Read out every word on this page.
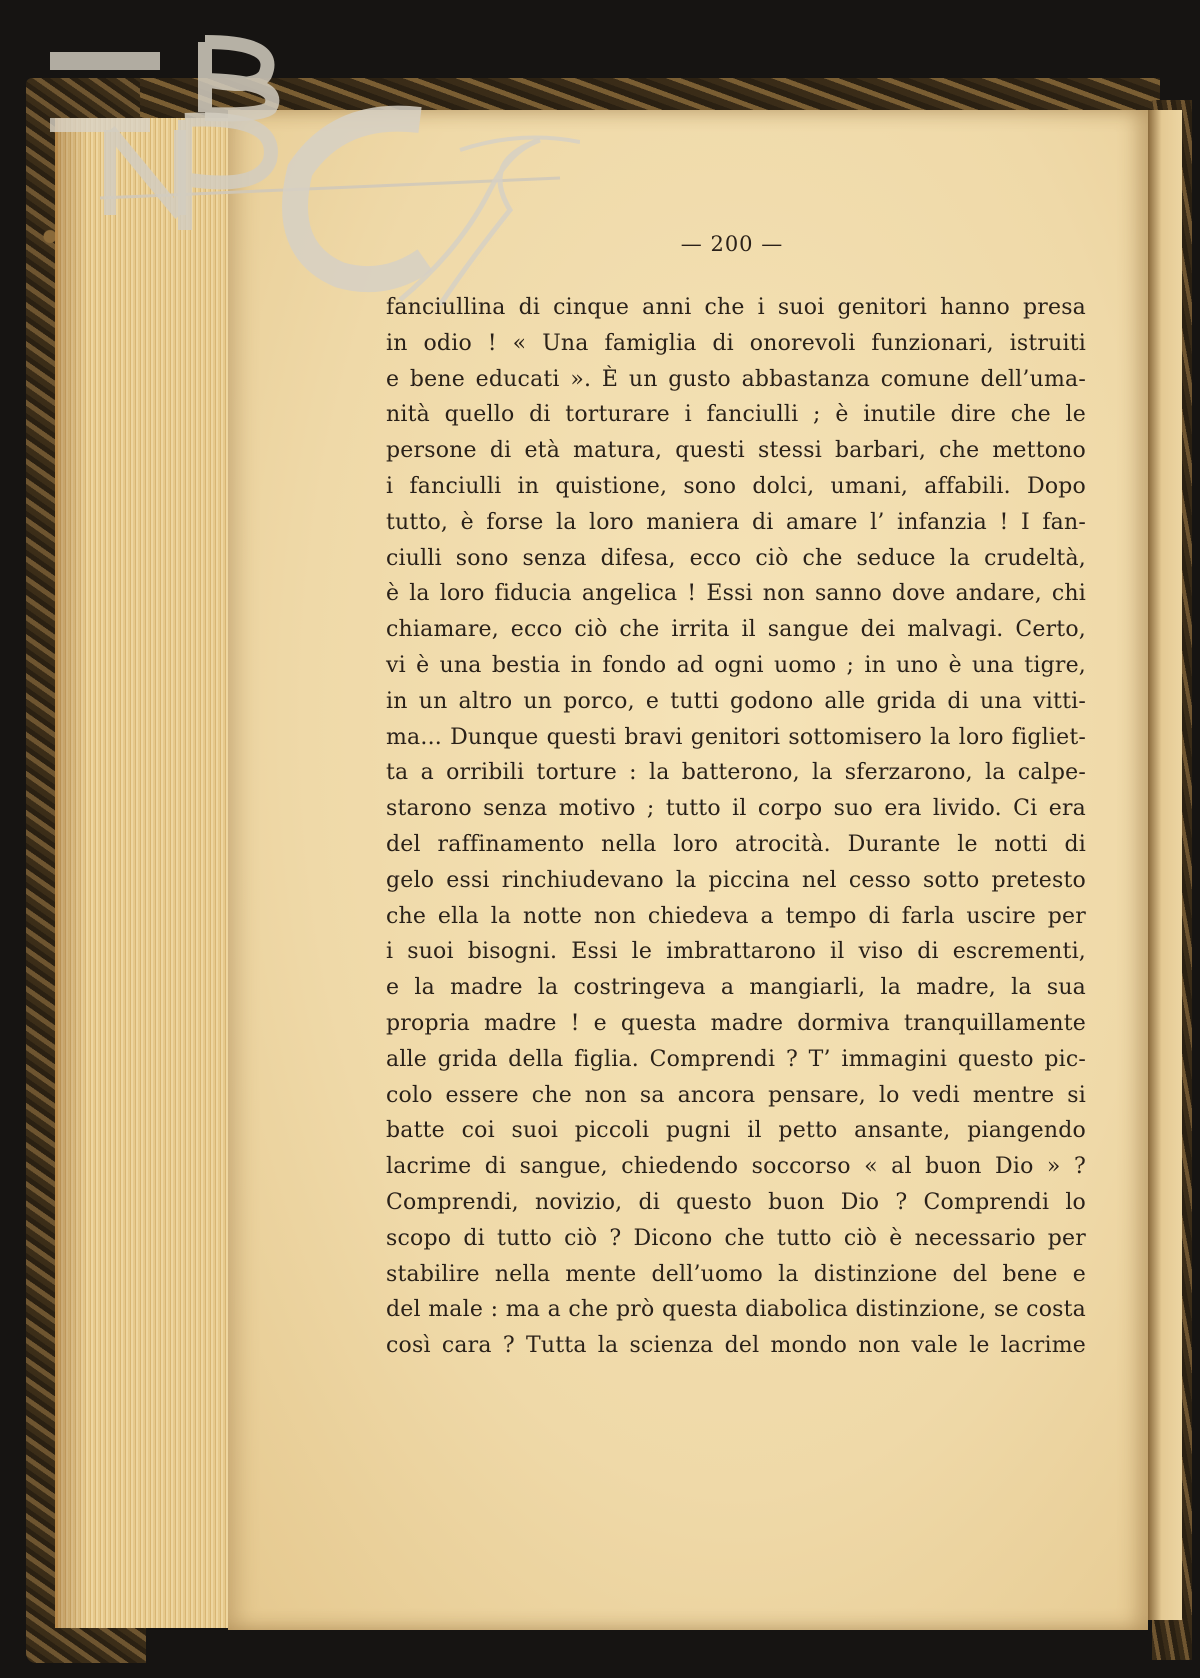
— 200 —
fanciullina di cinque anni che i suoi genitori hanno presa
in odio ! « Una famiglia di onorevoli funzionari, istruiti
e bene educati ». È un gusto abbastanza comune dell’uma-
nità quello di torturare i fanciulli ; è inutile dire che le
persone di età matura, questi stessi barbari, che mettono
i fanciulli in quistione, sono dolci, umani, affabili. Dopo
tutto, è forse la loro maniera di amare l’ infanzia ! I fan-
ciulli sono senza difesa, ecco ciò che seduce la crudeltà,
è la loro fiducia angelica ! Essi non sanno dove andare, chi
chiamare, ecco ciò che irrita il sangue dei malvagi. Certo,
vi è una bestia in fondo ad ogni uomo ; in uno è una tigre,
in un altro un porco, e tutti godono alle grida di una vitti-
ma... Dunque questi bravi genitori sottomisero la loro figliet-
ta a orribili torture : la batterono, la sferzarono, la calpe-
starono senza motivo ; tutto il corpo suo era livido. Ci era
del raffinamento nella loro atrocità. Durante le notti di
gelo essi rinchiudevano la piccina nel cesso sotto pretesto
che ella la notte non chiedeva a tempo di farla uscire per
i suoi bisogni. Essi le imbrattarono il viso di escrementi,
e la madre la costringeva a mangiarli, la madre, la sua
propria madre ! e questa madre dormiva tranquillamente
alle grida della figlia. Comprendi ? T’ immagini questo pic-
colo essere che non sa ancora pensare, lo vedi mentre si
batte coi suoi piccoli pugni il petto ansante, piangendo
lacrime di sangue, chiedendo soccorso « al buon Dio » ?
Comprendi, novizio, di questo buon Dio ? Comprendi lo
scopo di tutto ciò ? Dicono che tutto ciò è necessario per
stabilire nella mente dell’uomo la distinzione del bene e
del male : ma a che prò questa diabolica distinzione, se costa
così cara ? Tutta la scienza del mondo non vale le lacrime
